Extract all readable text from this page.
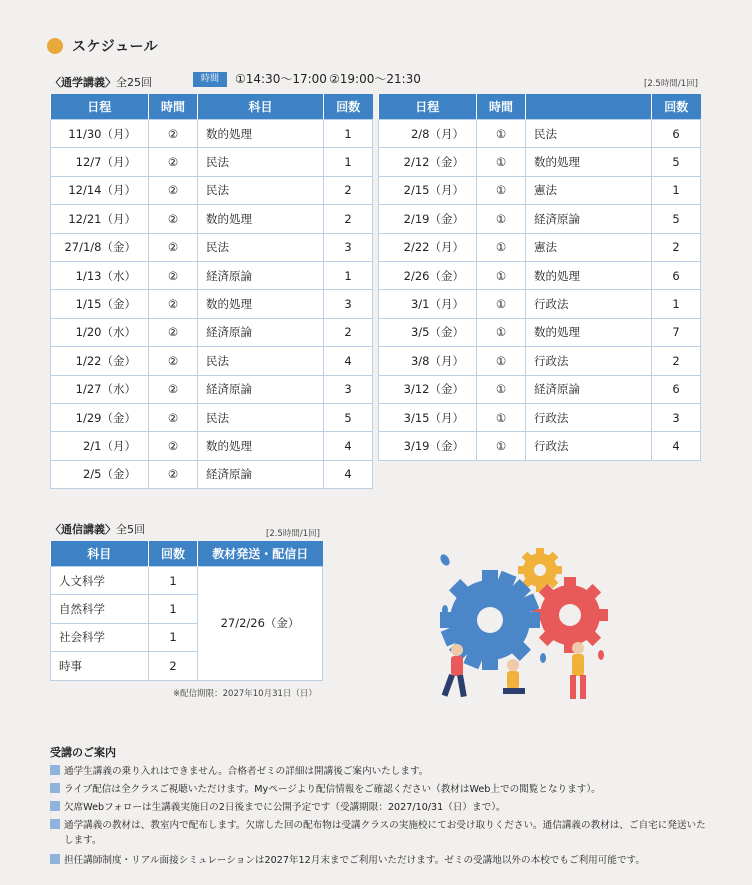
スケジュール
〈通学講義〉全25回	時間	①14:30〜17:00 ②19:00〜21:30	[2.5時間/1回]
日程	時間	科目	回数
11/30（月）	②	数的処理	1
12/7（月）	②	民法	1
12/14（月）	②	民法	2
12/21（月）	②	数的処理	2
27/1/8（金）	②	民法	3
1/13（水）	②	経済原論	1
1/15（金）	②	数的処理	3
1/20（水）	②	経済原論	2
1/22（金）	②	民法	4
1/27（水）	②	経済原論	3
1/29（金）	②	民法	5
2/1（月）	②	数的処理	4
2/5（金）	②	経済原論	4
日程	時間		回数
2/8（月）	①	民法	6
2/12（金）	①	数的処理	5
2/15（月）	①	憲法	1
2/19（金）	①	経済原論	5
2/22（月）	①	憲法	2
2/26（金）	①	数的処理	6
3/1（月）	①	行政法	1
3/5（金）	①	数的処理	7
3/8（月）	①	行政法	2
3/12（金）	①	経済原論	6
3/15（月）	①	行政法	3
3/19（金）	①	行政法	4
〈通信講義〉全5回	[2.5時間/1回]
科目	回数	教材発送・配信日
人文科学	1	27/2/26（金）
自然科学	1	
社会科学	1	
時事	2	
※配信期限：2027年10月31日（日）
受講のご案内
通学生講義の乗り入れはできません。合格者ゼミの詳細は開講後ご案内いたします。
ライブ配信は全クラスご視聴いただけます。Myページより配信情報をご確認ください（教材はWeb上での閲覧となります）。
欠席Webフォローは生講義実施日の2日後までに公開予定です（受講期限：2027/10/31（日）まで）。
通学講義の教材は、教室内で配布します。欠席した回の配布物は受講クラスの実施校にてお受け取りください。通信講義の教材は、ご自宅に発送いたします。
担任講師制度・リアル面接シミュレーションは2027年12月末までご利用いただけます。ゼミの受講地以外の本校でもご利用可能です。
